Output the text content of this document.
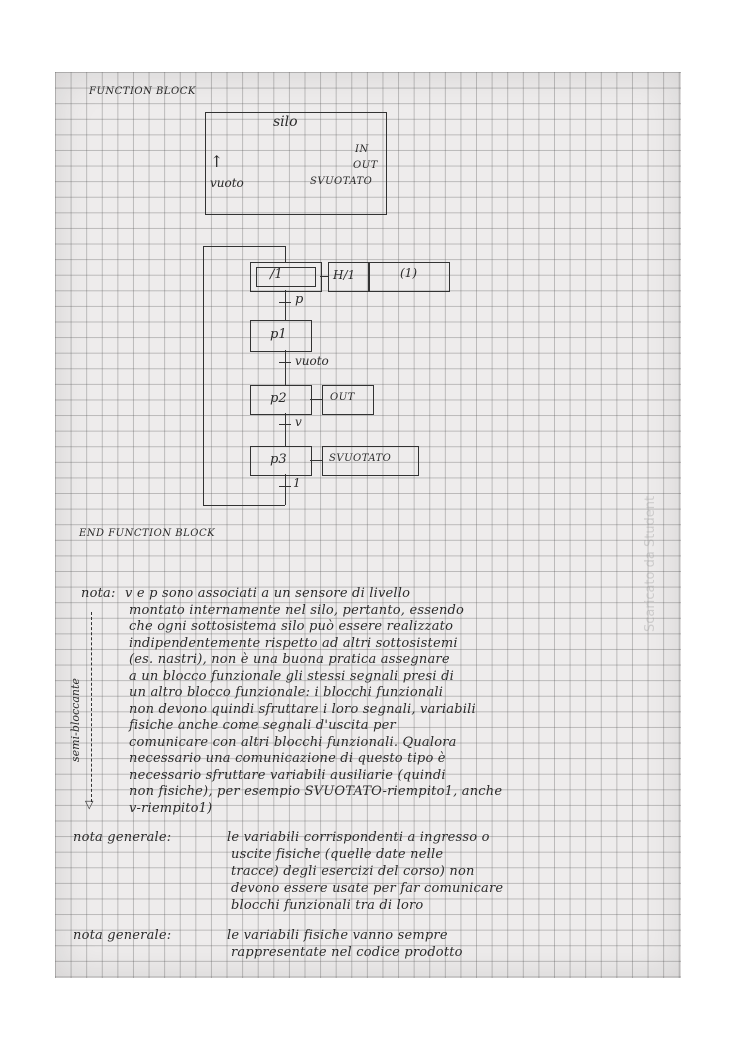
FUNCTION BLOCK
silo
↑
vuoto
IN
OUT
SVUOTATO
/1	H/1	(1)
p
p1
vuoto
p2	OUT
v
p3	SVUOTATO
1
END FUNCTION BLOCK
nota: v e p sono associati a un sensore di livello
montato internamente nel silo, pertanto, essendo
che ogni sottosistema silo può essere realizzato
indipendentemente rispetto ad altri sottosistemi
(es. nastri), non è una buona pratica assegnare
a un blocco funzionale gli stessi segnali presi di
un altro blocco funzionale: i blocchi funzionali
non devono quindi sfruttare i loro segnali, variabili
fisiche anche come segnali d'uscita per
comunicare con altri blocchi funzionali. Qualora
necessario una comunicazione di questo tipo è
necessario sfruttare variabili ausiliarie (quindi
non fisiche), per esempio SVUOTATO-riempito1, anche
v-riempito1)
▽
semi-bloccante
nota generale:	le variabili corrispondenti a ingresso o
uscite fisiche (quelle date nelle
tracce) degli esercizi del corso) non
devono essere usate per far comunicare
blocchi funzionali tra di loro
nota generale:	le variabili fisiche vanno sempre
rappresentate nel codice prodotto
Scaricato da Student
